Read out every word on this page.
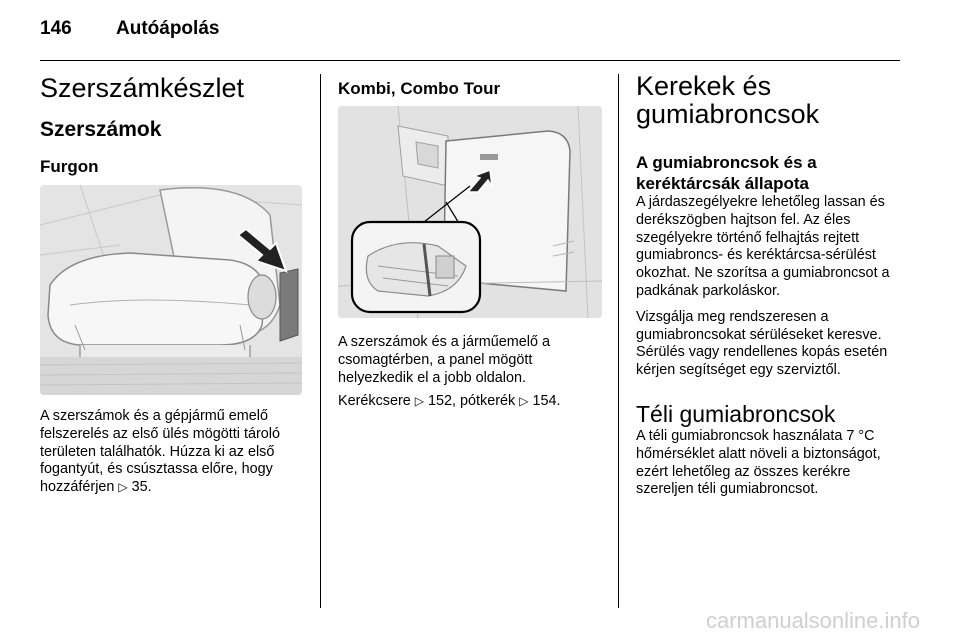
146 Autóápolás
Szerszámkészlet
Szerszámok
Furgon

A szerszámok és a gépjármű emelő felszerelés az első ülés mögötti tároló területen találhatók. Húzza ki az első fogantyút, és csúsztassa előre, hogy hozzáférjen ▷ 35.

Kombi, Combo Tour

A szerszámok és a járműemelő a csomagtérben, a panel mögött helyezkedik el a jobb oldalon.

Kerékcsere ▷ 152, pótkerék ▷ 154.

Kerekek és gumiabroncsok
A gumiabroncsok és a keréktárcsák állapota

A járdaszegélyekre lehetőleg lassan és derékszögben hajtson fel. Az éles szegélyekre történő felhajtás rejtett gumiabroncs- és keréktárcsa-sérülést okozhat. Ne szorítsa a gumiabroncsot a padkának parkoláskor.

Vizsgálja meg rendszeresen a gumiabroncsokat sérüléseket keresve. Sérülés vagy rendellenes kopás esetén kérjen segítséget egy szerviztől.

Téli gumiabroncsok

A téli gumiabroncsok használata 7 °C hőmérséklet alatt növeli a biztonságot, ezért lehetőleg az összes kerékre szereljen téli gumiabroncsot.

carmanualsonline.info
